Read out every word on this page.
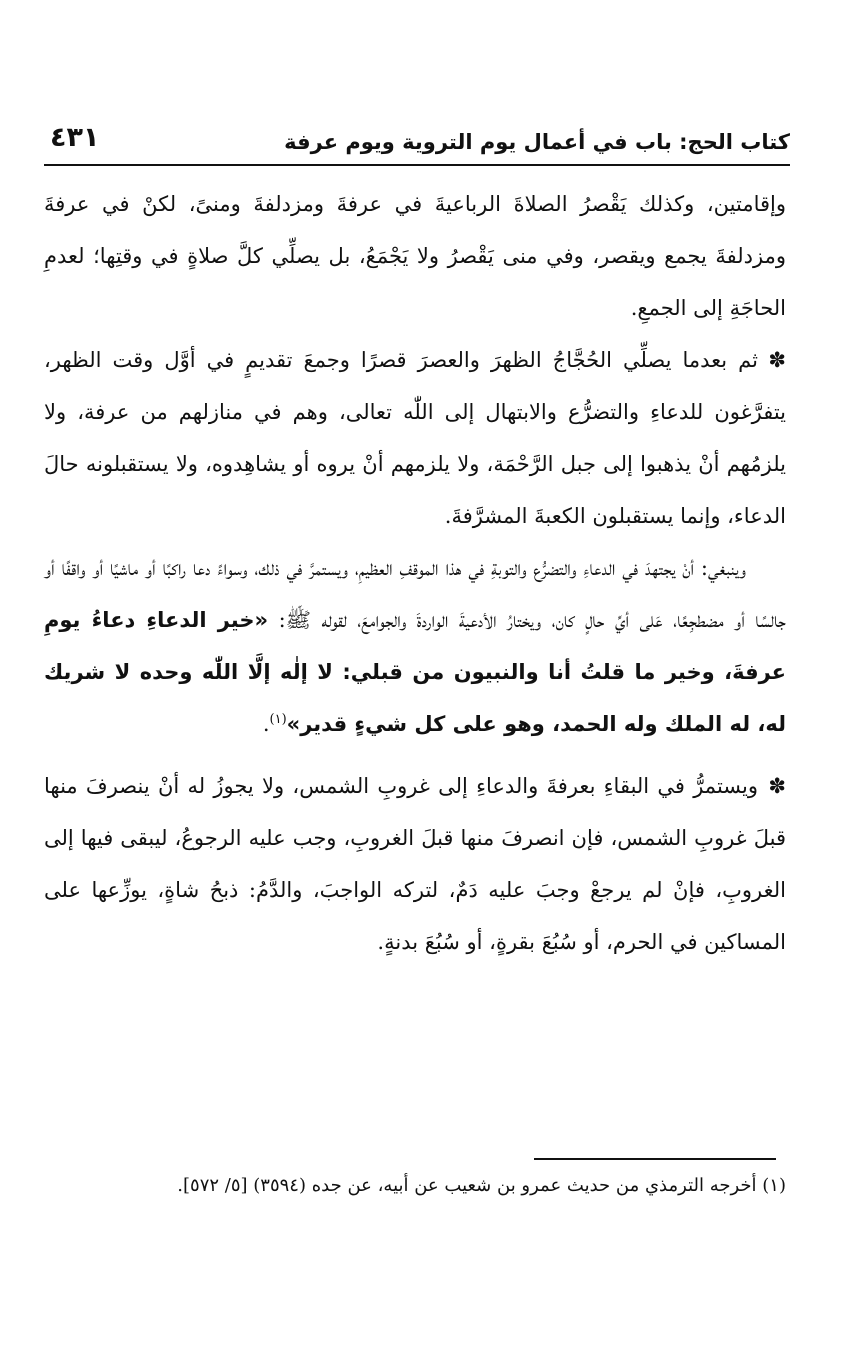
كتاب الحج: باب في أعمال يوم التروية ويوم عرفة
٤٣١

وإقامتين، وكذلك يَقْصرُ الصلاةَ الرباعيةَ في عرفةَ ومزدلفةَ ومنىً، لكنْ في عرفةَ ومزدلفةَ يجمع ويقصر، وفي منى يَقْصرُ ولا يَجْمَعُ، بل يصلِّي كلَّ صلاةٍ في وقتِها؛ لعدمِ الحاجَةِ إلى الجمعِ.

✽ثم بعدما يصلِّي الحُجَّاجُ الظهرَ والعصرَ قصرًا وجمعَ تقديمٍ في أوَّل وقت الظهر، يتفرَّغون للدعاءِ والتضرُّع والابتهال إلى اللّٰه تعالى، وهم في منازلهم من عرفة، ولا يلزمُهم أنْ يذهبوا إلى جبل الرَّحْمَة، ولا يلزمهم أنْ يروه أو يشاهِدوه، ولا يستقبلونه حالَ الدعاء، وإنما يستقبلون الكعبةَ المشرَّفةَ.

وينبغي: أنْ يجتهدَ في الدعاءِ والتضرُّع والتوبةِ في هذا الموقفِ العظيمِ، ويستمرَّ في ذلك، وسواءً دعا راكبًا أو ماشيًا أو واقفًا أو جالسًا أو مضطجِعًا، عَلى أيِّ حالٍ كان، ويختارُ الأدعيةَ الواردةَ والجوامعَ، لقوله ﷺ: «خير الدعاءِ دعاءُ يومِ عرفةَ، وخير ما قلتُ أنا والنبيون من قبلي: لا إلٰه إلَّا اللّٰه وحده لا شريك له، له الملك وله الحمد، وهو على كل شيءٍ قدير»$^{(١)}$.

✽ويستمرُّ في البقاءِ بعرفةَ والدعاءِ إلى غروبِ الشمس، ولا يجوزُ له أنْ ينصرفَ منها قبلَ غروبِ الشمس، فإن انصرفَ منها قبلَ الغروبِ، وجب عليه الرجوعُ، ليبقى فيها إلى الغروبِ، فإنْ لم يرجعْ وجبَ عليه دَمٌ، لتركه الواجبَ، والدَّمُ: ذبحُ شاةٍ، يوزِّعها على المساكين في الحرم، أو سُبُعَ بقرةٍ، أو سُبُعَ بدنةٍ.

(١) أخرجه الترمذي من حديث عمرو بن شعيب عن أبيه، عن جده (٣٥٩٤) [٥/ ٥٧٢].
